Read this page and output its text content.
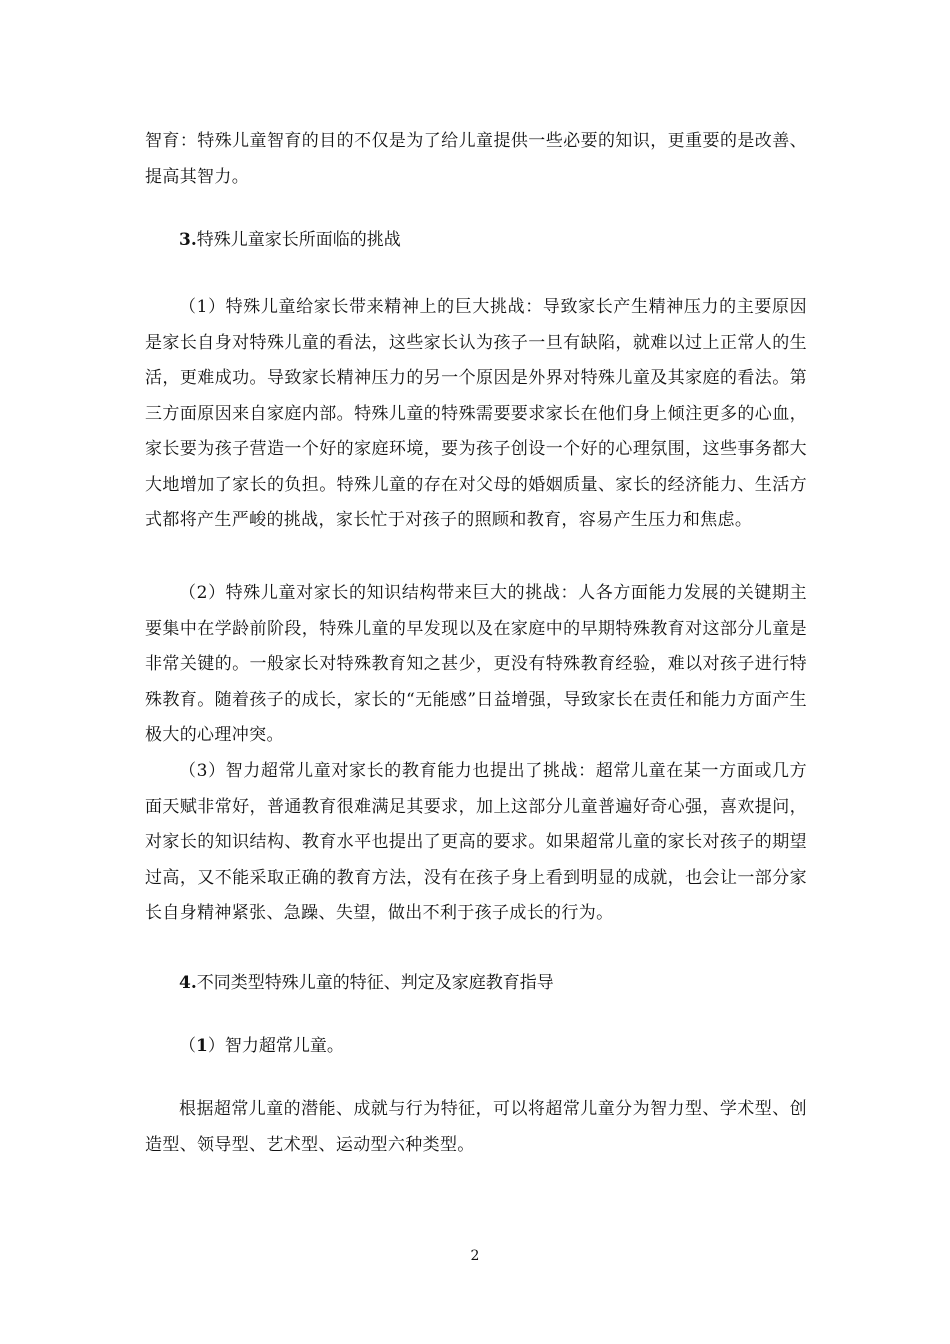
智育：特殊儿童智育的目的不仅是为了给儿童提供一些必要的知识，更重要的是改善、提高其智力。

3.特殊儿童家长所面临的挑战

（1）特殊儿童给家长带来精神上的巨大挑战：导致家长产生精神压力的主要原因是家长自身对特殊儿童的看法，这些家长认为孩子一旦有缺陷，就难以过上正常人的生活，更难成功。导致家长精神压力的另一个原因是外界对特殊儿童及其家庭的看法。第三方面原因来自家庭内部。特殊儿童的特殊需要要求家长在他们身上倾注更多的心血，家长要为孩子营造一个好的家庭环境，要为孩子创设一个好的心理氛围，这些事务都大大地增加了家长的负担。特殊儿童的存在对父母的婚姻质量、家长的经济能力、生活方式都将产生严峻的挑战，家长忙于对孩子的照顾和教育，容易产生压力和焦虑。

（2）特殊儿童对家长的知识结构带来巨大的挑战：人各方面能力发展的关键期主要集中在学龄前阶段，特殊儿童的早发现以及在家庭中的早期特殊教育对这部分儿童是非常关键的。一般家长对特殊教育知之甚少，更没有特殊教育经验，难以对孩子进行特殊教育。随着孩子的成长，家长的“无能感”日益增强，导致家长在责任和能力方面产生极大的心理冲突。

（3）智力超常儿童对家长的教育能力也提出了挑战：超常儿童在某一方面或几方面天赋非常好，普通教育很难满足其要求，加上这部分儿童普遍好奇心强，喜欢提问，对家长的知识结构、教育水平也提出了更高的要求。如果超常儿童的家长对孩子的期望过高，又不能采取正确的教育方法，没有在孩子身上看到明显的成就，也会让一部分家长自身精神紧张、急躁、失望，做出不利于孩子成长的行为。

4.不同类型特殊儿童的特征、判定及家庭教育指导

（1）智力超常儿童。

根据超常儿童的潜能、成就与行为特征，可以将超常儿童分为智力型、学术型、创造型、领导型、艺术型、运动型六种类型。

2
